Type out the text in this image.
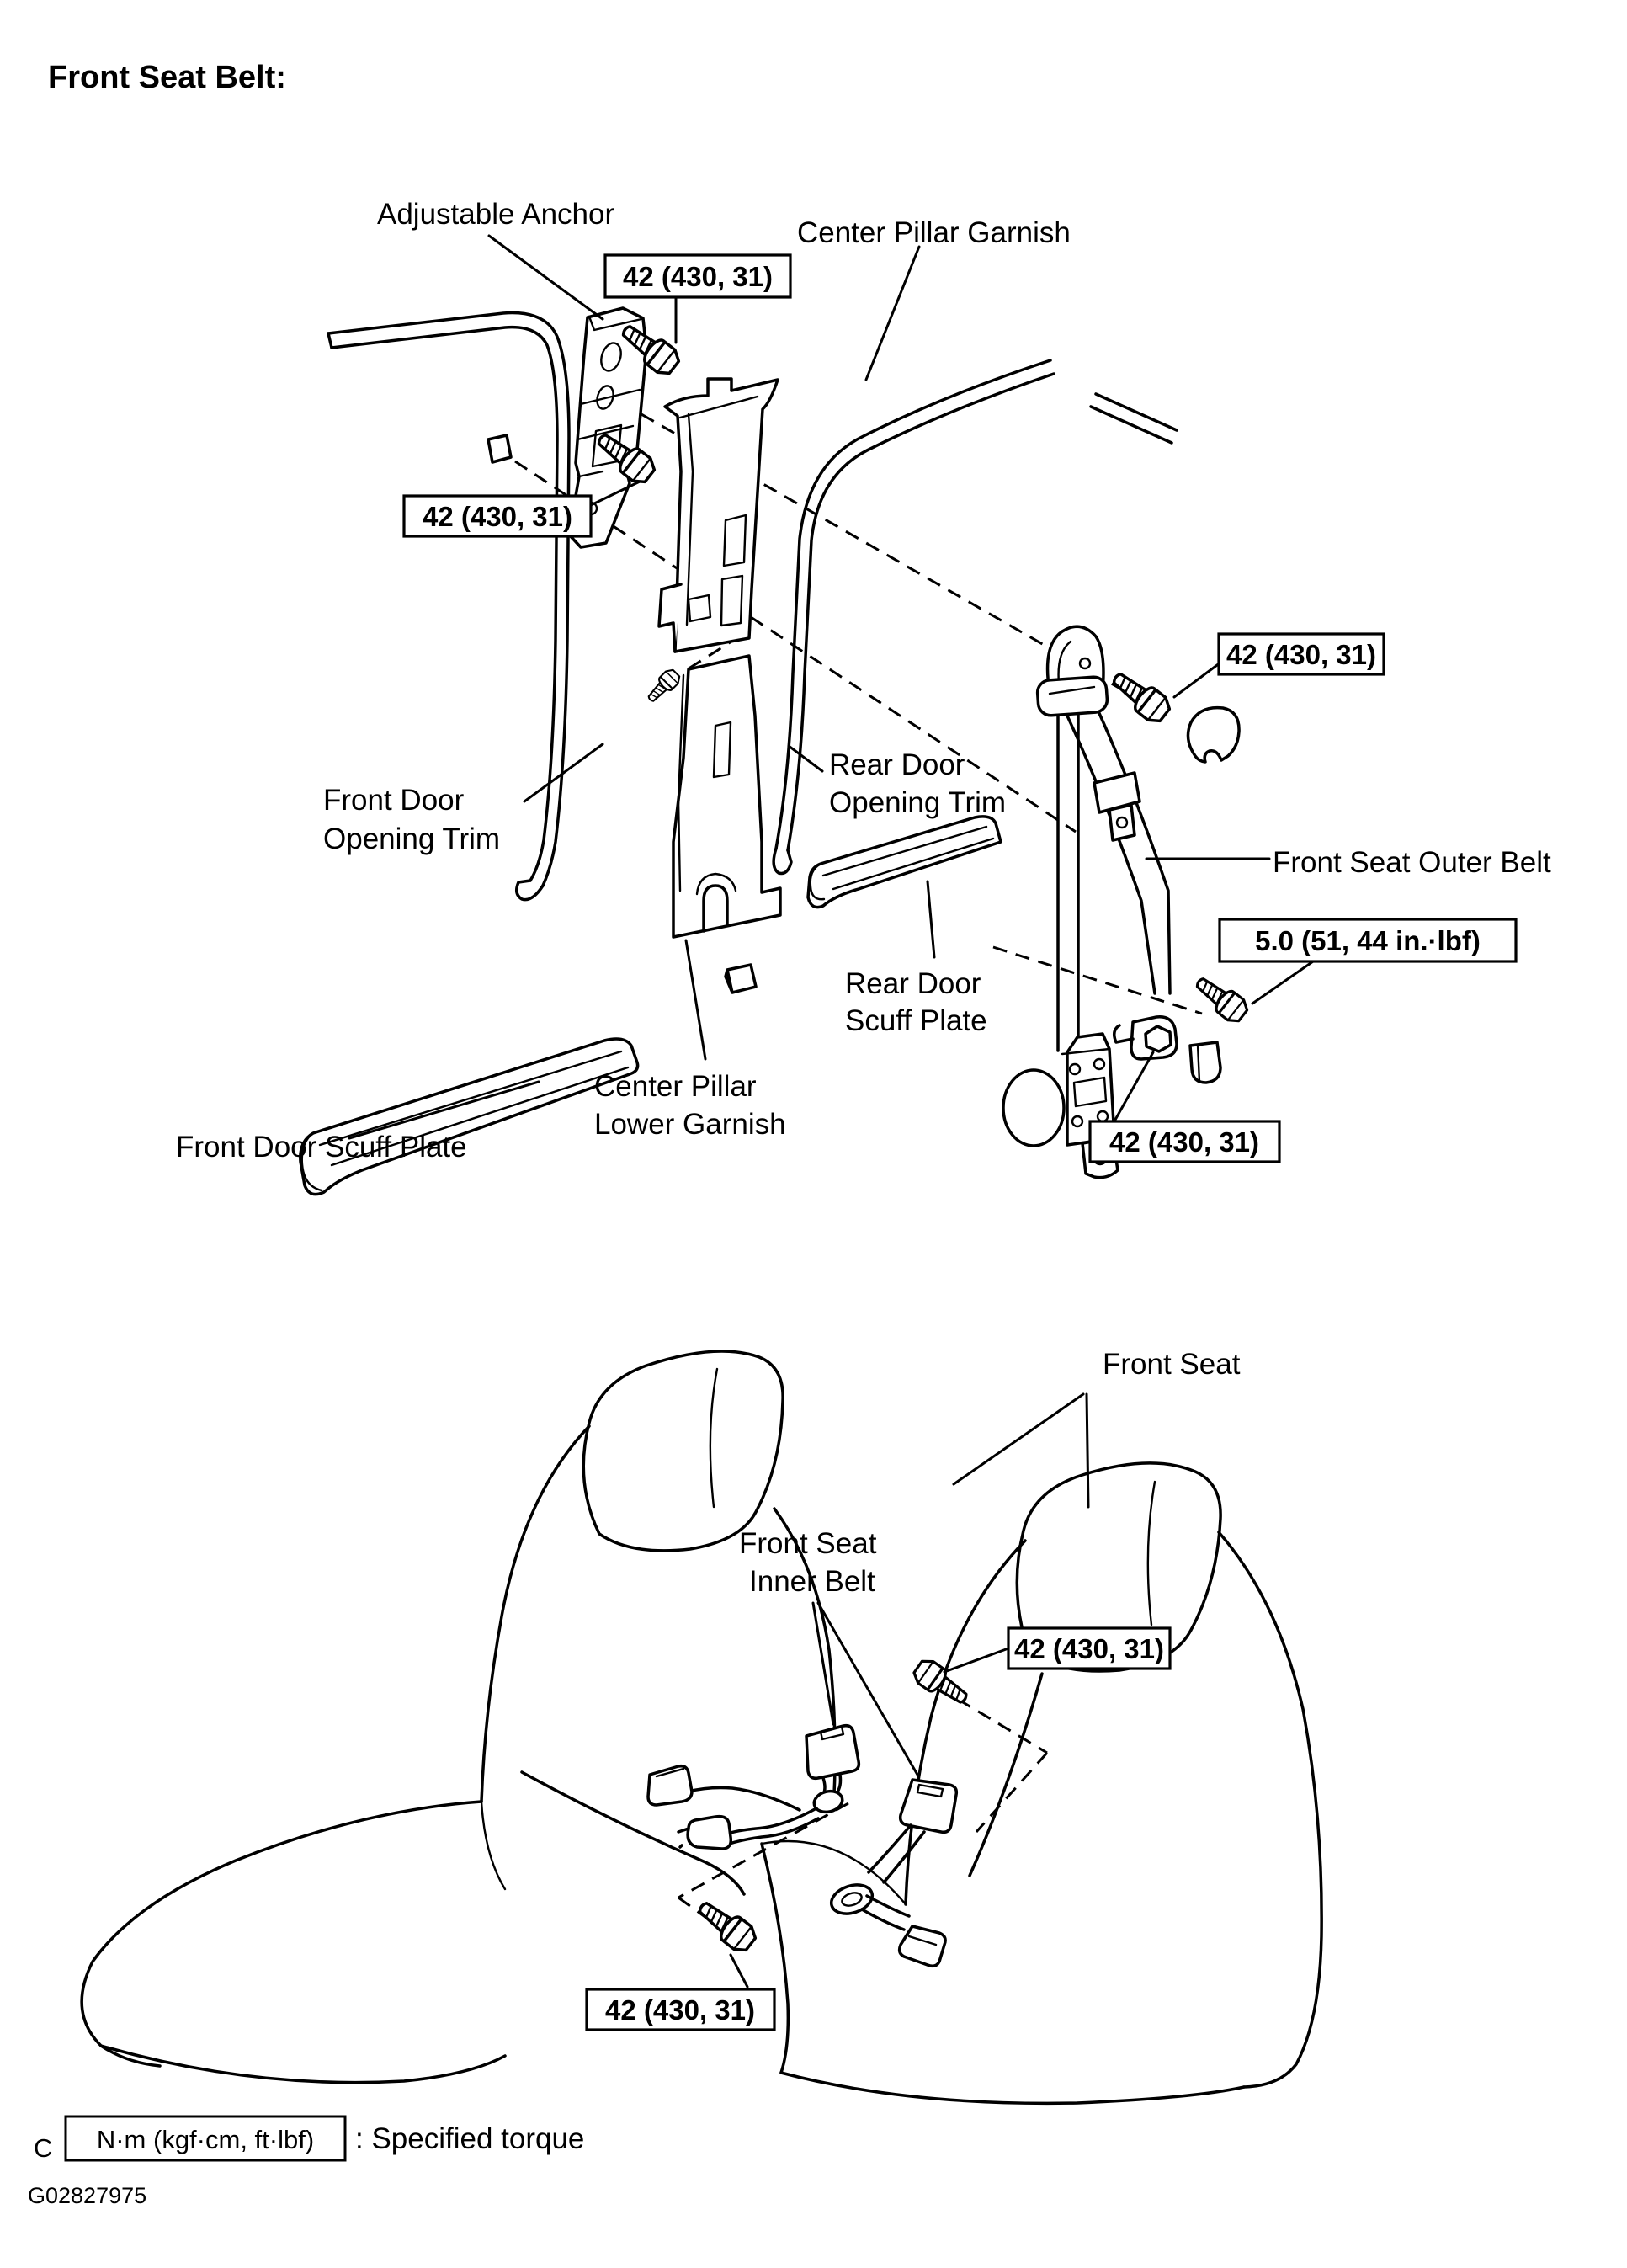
Front Seat Belt:
42 (430, 31)
42 (430, 31)
42 (430, 31)
5.0 (51, 44 in.·lbf)
42 (430, 31)
Adjustable Anchor
Center Pillar Garnish
Front Door
Opening Trim
Rear Door
Opening Trim
Front Seat Outer Belt
Rear Door
Scuff Plate
Center Pillar
Lower Garnish
Front Door Scuff Plate
42 (430, 31)
42 (430, 31)
Front Seat
Front Seat
Inner Belt
C N·m (kgf·cm, ft·lbf) : Specified torque
G02827975
